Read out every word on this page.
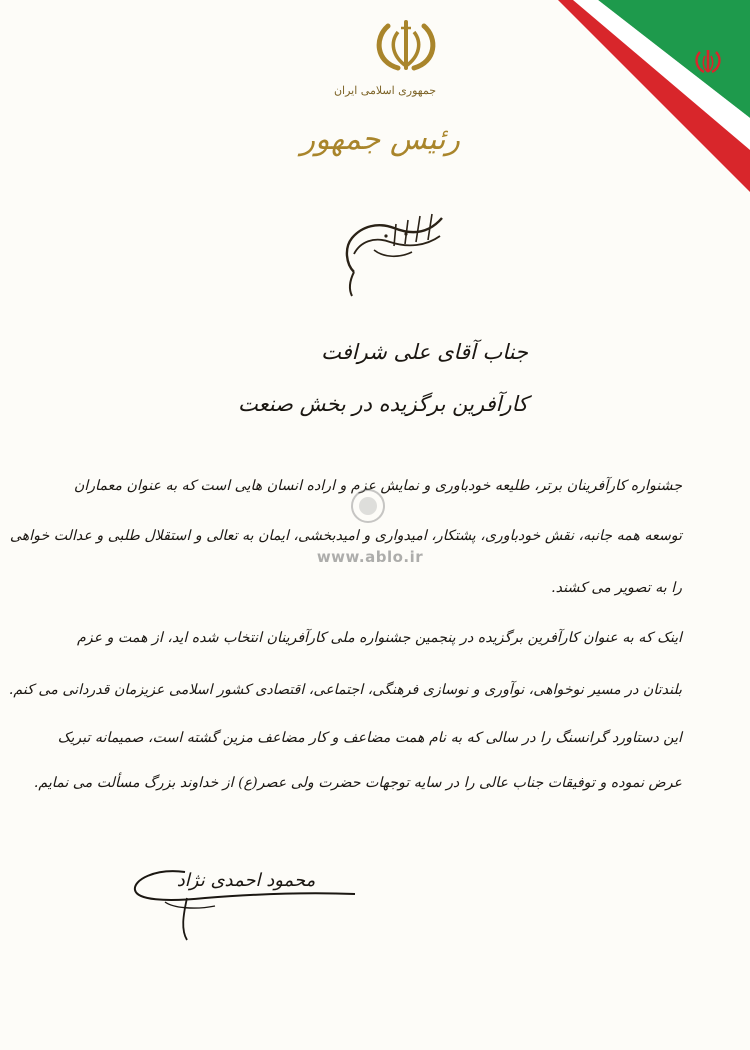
جمهوری اسلامی ایران
رئیس جمهور
جناب آقای علی شرافت
کارآفرین برگزیده در بخش صنعت
جشنواره کارآفرینان برتر، طلیعه خودباوری و نمایش عزم و اراده انسان هایی است که به عنوان معماران
توسعه همه جانبه، نقش خودباوری، پشتکار، امیدواری و امیدبخشی، ایمان به تعالی و استقلال طلبی و عدالت خواهی
را به تصویر می کشند.
اینک که به عنوان کارآفرین برگزیده در پنجمین جشنواره ملی کارآفرینان انتخاب شده اید، از همت و عزم
بلندتان در مسیر نوخواهی، نوآوری و نوسازی فرهنگی، اجتماعی، اقتصادی کشور اسلامی عزیزمان قدردانی می کنم.
این دستاورد گرانسنگ را در سالی که به نام همت مضاعف و کار مضاعف مزین گشته است، صمیمانه تبریک
عرض نموده و توفیقات جناب عالی را در سایه توجهات حضرت ولی عصر(ع) از خداوند بزرگ مسألت می نمایم.
www.ablo.ir
محمود احمدی نژاد
